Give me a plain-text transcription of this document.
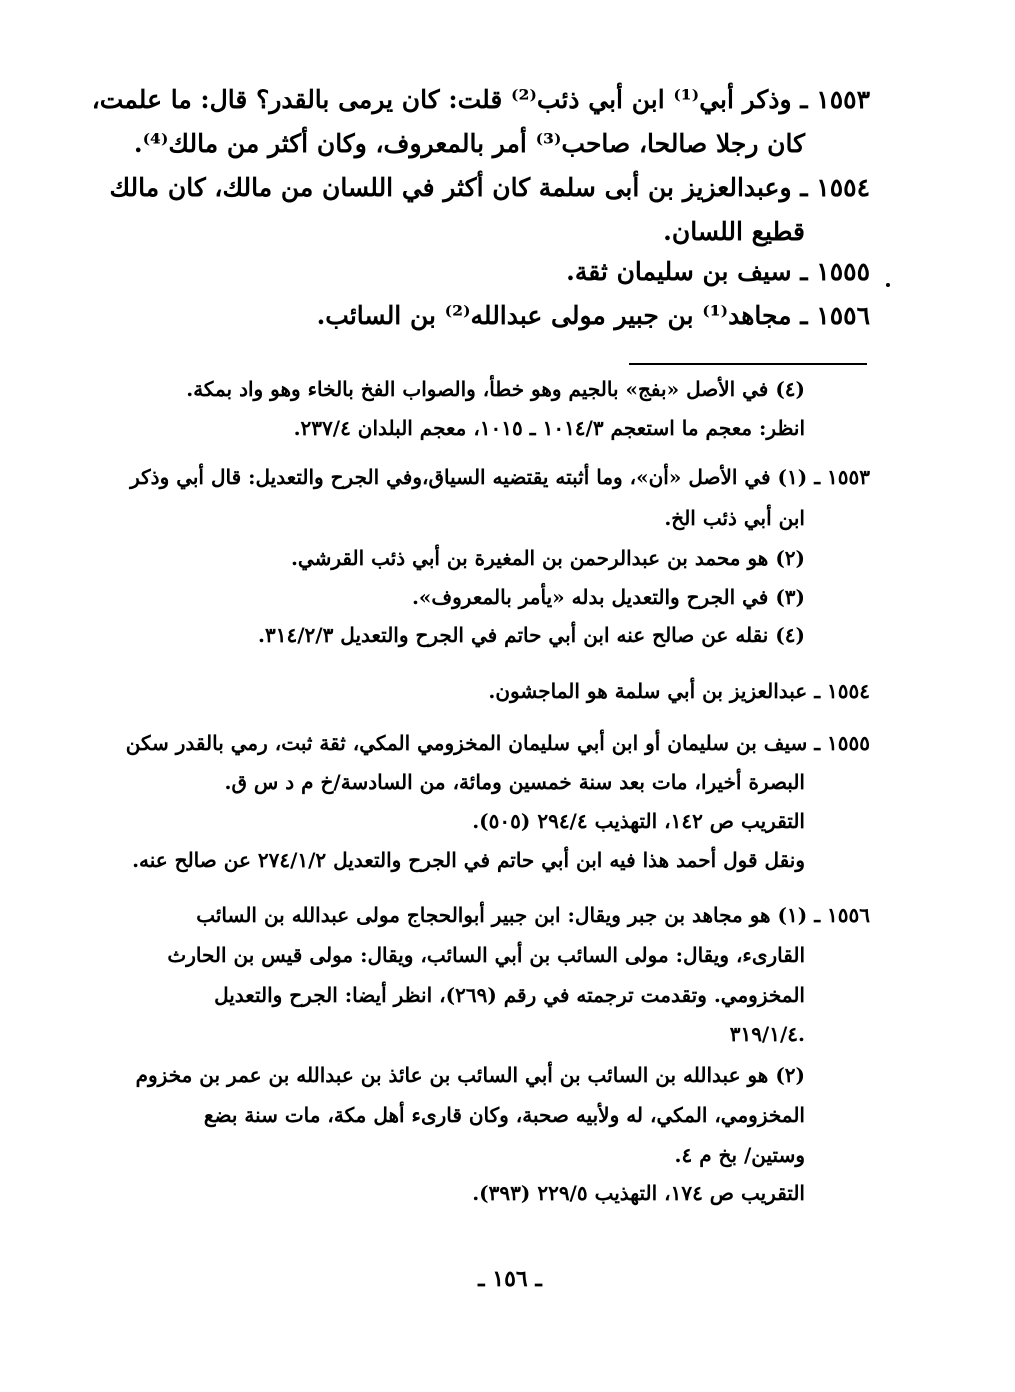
١٥٥٣ ـ وذكر أبي⁽¹⁾ ابن أبي ذئب⁽²⁾ قلت: كان يرمى بالقدر؟ قال: ما علمت،
كان رجلا صالحا، صاحب⁽³⁾ أمر بالمعروف، وكان أكثر من مالك⁽⁴⁾.
١٥٥٤ ـ وعبدالعزيز بن أبى سلمة كان أكثر في اللسان من مالك، كان مالك
قطيع اللسان.
١٥٥٥ ـ سيف بن سليمان ثقة.
١٥٥٦ ـ مجاهد⁽¹⁾ بن جبير مولى عبدالله⁽²⁾ بن السائب.
(٤) في الأصل «بفج» بالجيم وهو خطأ، والصواب الفخ بالخاء وهو واد بمكة.
انظر: معجم ما استعجم ١٠١٤/٣ ـ ١٠١٥، معجم البلدان ٢٣٧/٤.
١٥٥٣ ـ (١) في الأصل «أن»، وما أثبته يقتضيه السياق،وفي الجرح والتعديل: قال أبي وذكر
ابن أبي ذئب الخ.
(٢) هو محمد بن عبدالرحمن بن المغيرة بن أبي ذئب القرشي.
(٣) في الجرح والتعديل بدله «يأمر بالمعروف».
(٤) نقله عن صالح عنه ابن أبي حاتم في الجرح والتعديل ٣١٤/٢/٣.
١٥٥٤ ـ عبدالعزيز بن أبي سلمة هو الماجشون.
١٥٥٥ ـ سيف بن سليمان أو ابن أبي سليمان المخزومي المكي، ثقة ثبت، رمي بالقدر سكن
البصرة أخيرا، مات بعد سنة خمسين ومائة، من السادسة/خ م د س ق.
التقريب ص ١٤٢، التهذيب ٢٩٤/٤ (٥٠٥).
ونقل قول أحمد هذا فيه ابن أبي حاتم في الجرح والتعديل ٢٧٤/١/٢ عن صالح عنه.
١٥٥٦ ـ (١) هو مجاهد بن جبر ويقال: ابن جبير أبوالحجاج مولى عبدالله بن السائب
القارىء، ويقال: مولى السائب بن أبي السائب، ويقال: مولى قيس بن الحارث
المخزومي. وتقدمت ترجمته في رقم (٢٦٩)، انظر أيضا: الجرح والتعديل
٣١٩/١/٤.
(٢) هو عبدالله بن السائب بن أبي السائب بن عائذ بن عبدالله بن عمر بن مخزوم
المخزومي، المكي، له ولأبيه صحبة، وكان قارىء أهل مكة، مات سنة بضع
وستين/ بخ م ٤.
التقريب ص ١٧٤، التهذيب ٢٢٩/٥ (٣٩٣).
ـ ١٥٦ ـ
